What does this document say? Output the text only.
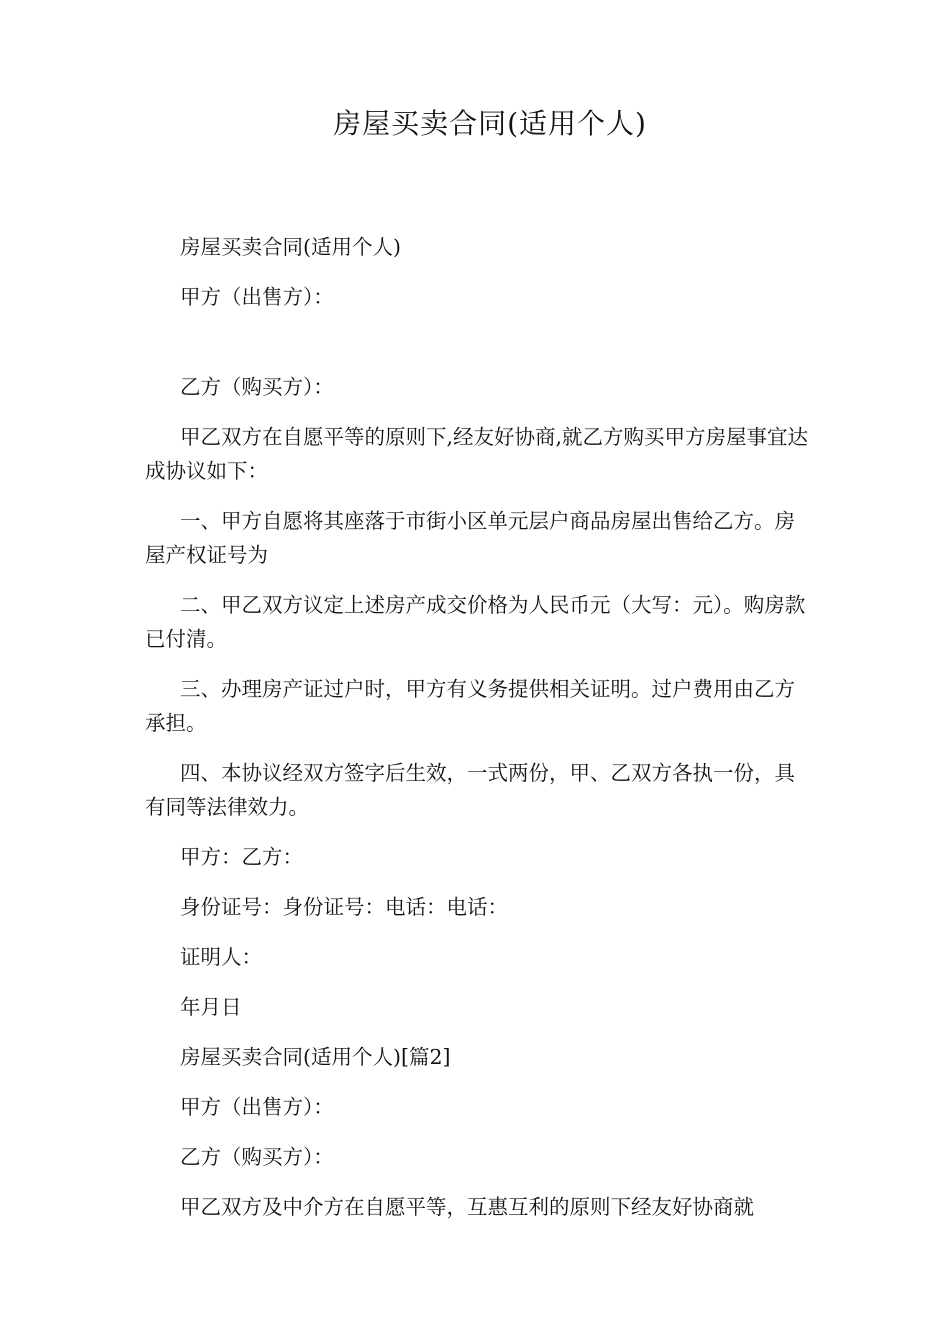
房屋买卖合同(适用个人)

房屋买卖合同(适用个人)

甲方（出售方）：

乙方（购买方）：

甲乙双方在自愿平等的原则下,经友好协商,就乙方购买甲方房屋事宜达成协议如下：

一、甲方自愿将其座落于市街小区单元层户商品房屋出售给乙方。房屋产权证号为

二、甲乙双方议定上述房产成交价格为人民币元（大写：元）。购房款已付清。

三、办理房产证过户时，甲方有义务提供相关证明。过户费用由乙方承担。

四、本协议经双方签字后生效，一式两份，甲、乙双方各执一份，具有同等法律效力。

甲方：乙方：

身份证号：身份证号：电话：电话：

证明人：

年月日

房屋买卖合同(适用个人)[篇2]

甲方（出售方）：

乙方（购买方）：

甲乙双方及中介方在自愿平等，互惠互利的原则下经友好协商就
